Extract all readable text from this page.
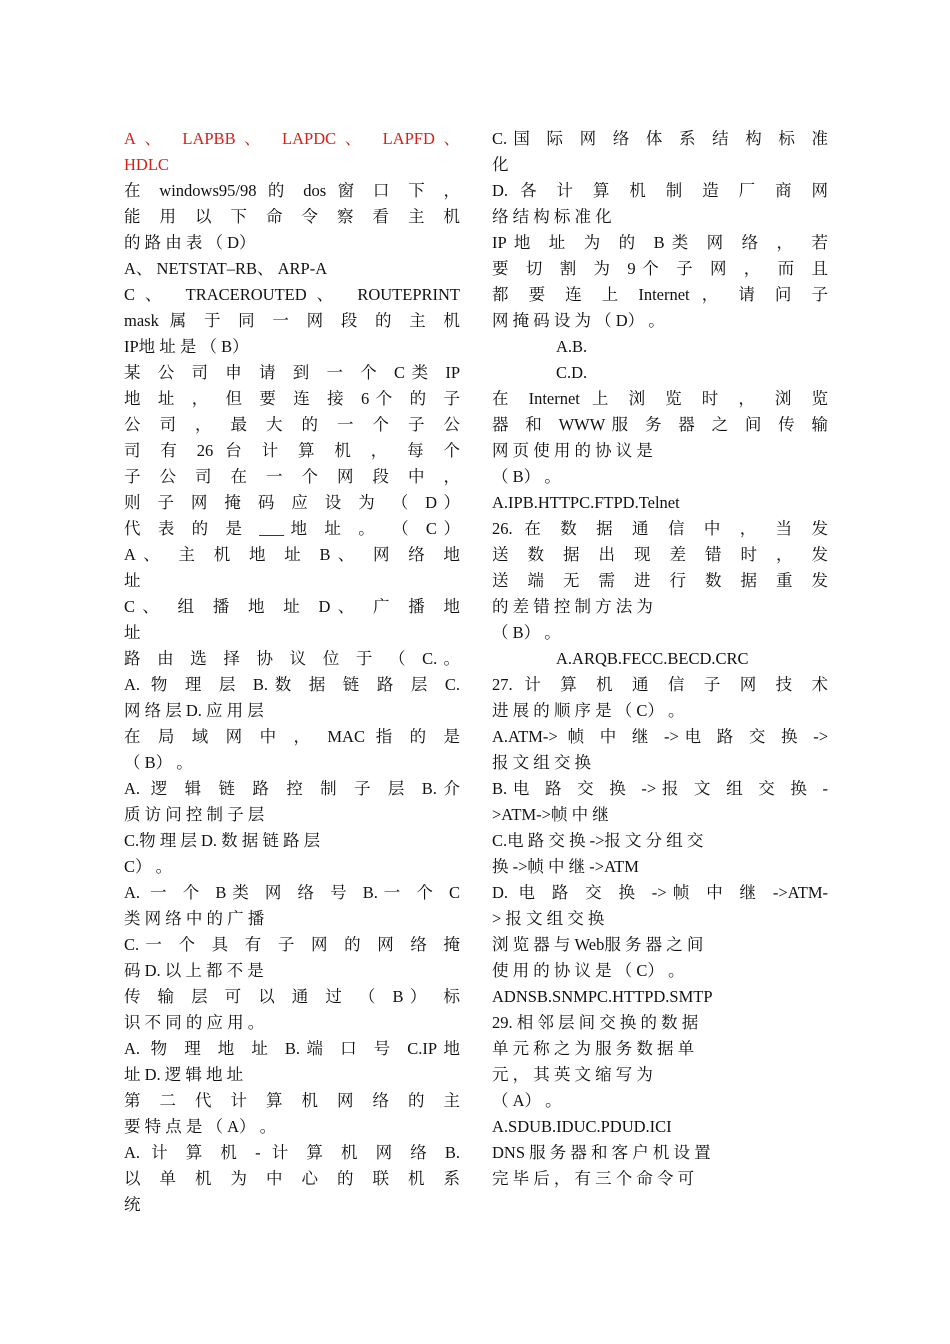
A、 LAPBB、 LAPDC、 LAPFD、
HDLC
在 windows95/98 的 dos 窗 口 下 ，
能 用 以 下 命 令 察 看 主 机
的 路 由 表 （ D）
A、 NETSTAT–RB、 ARP-A
C、 TRACEROUTED、 ROUTEPRINT
mask 属 于 同 一 网 段 的 主 机
IP地 址 是 （ B）
某 公 司 申 请 到 一 个 C类 IP
地 址 ， 但 要 连 接 6个 的 子
公 司 ， 最 大 的 一 个 子 公
司 有 26 台 计 算 机 ， 每 个
子 公 司 在 一 个 网 段 中 ，
则 子 网 掩 码 应 设 为 （ D）
代 表 的 是 ___地 址 。 （ C）
A、 主 机 地 址 B、 网 络 地
址
C、 组 播 地 址 D、 广 播 地
址
路 由 选 择 协 议 位 于 （ C.。
A. 物 理 层 B.数 据 链 路 层 C.
网 络 层 D. 应 用 层
在 局 域 网 中 ， MAC 指 的 是
（ B） 。
A. 逻 辑 链 路 控 制 子 层 B.介
质 访 问 控 制 子 层
C.物 理 层 D. 数 据 链 路 层
C） 。
A. 一 个 B类 网 络 号 B.一 个 C
类 网 络 中 的 广 播
C.一 个 具 有 子 网 的 网 络 掩
码 D. 以 上 都 不 是
传 输 层 可 以 通 过 （ B） 标
识 不 同 的 应 用 。
A. 物 理 地 址 B.端 口 号 C.IP地
址 D. 逻 辑 地 址
第 二 代 计 算 机 网 络 的 主
要 特 点 是 （ A） 。
A. 计 算 机 - 计 算 机 网 络 B.
以 单 机 为 中 心 的 联 机 系
统
C.国 际 网 络 体 系 结 构 标 准
化
D. 各 计 算 机 制 造 厂 商 网
络 结 构 标 准 化
IP地 址 为 的 B类 网 络 ， 若
要 切 割 为 9个 子 网 ， 而 且
都 要 连 上 Internet ， 请 问 子
网 掩 码 设 为 （ D） 。
A.B.
C.D.
在 Internet 上 浏 览 时 ， 浏 览
器 和 WWW服 务 器 之 间 传 输
网 页 使 用 的 协 议 是
（ B） 。
A.IPB.HTTPC.FTPD.Telnet
26. 在 数 据 通 信 中 ， 当 发
送 数 据 出 现 差 错 时 ， 发
送 端 无 需 进 行 数 据 重 发
的 差 错 控 制 方 法 为
（ B） 。
A.ARQB.FECC.BECD.CRC
27. 计 算 机 通 信 子 网 技 术
进 展 的 顺 序 是 （ C） 。
A.ATM-> 帧 中 继 ->电 路 交 换 ->
报 文 组 交 换
B.电 路 交 换 ->报 文 组 交 换 -
>ATM->帧 中 继
C.电 路 交 换 ->报 文 分 组 交
换 ->帧 中 继 ->ATM
D. 电 路 交 换 ->帧 中 继 ->ATM-
> 报 文 组 交 换
浏 览 器 与 Web服 务 器 之 间
使 用 的 协 议 是 （ C） 。
ADNSB.SNMPC.HTTPD.SMTP
29. 相 邻 层 间 交 换 的 数 据
单 元 称 之 为 服 务 数 据 单
元 ， 其 英 文 缩 写 为
（ A） 。
A.SDUB.IDUC.PDUD.ICI
DNS 服 务 器 和 客 户 机 设 置
完 毕 后 ， 有 三 个 命 令 可
